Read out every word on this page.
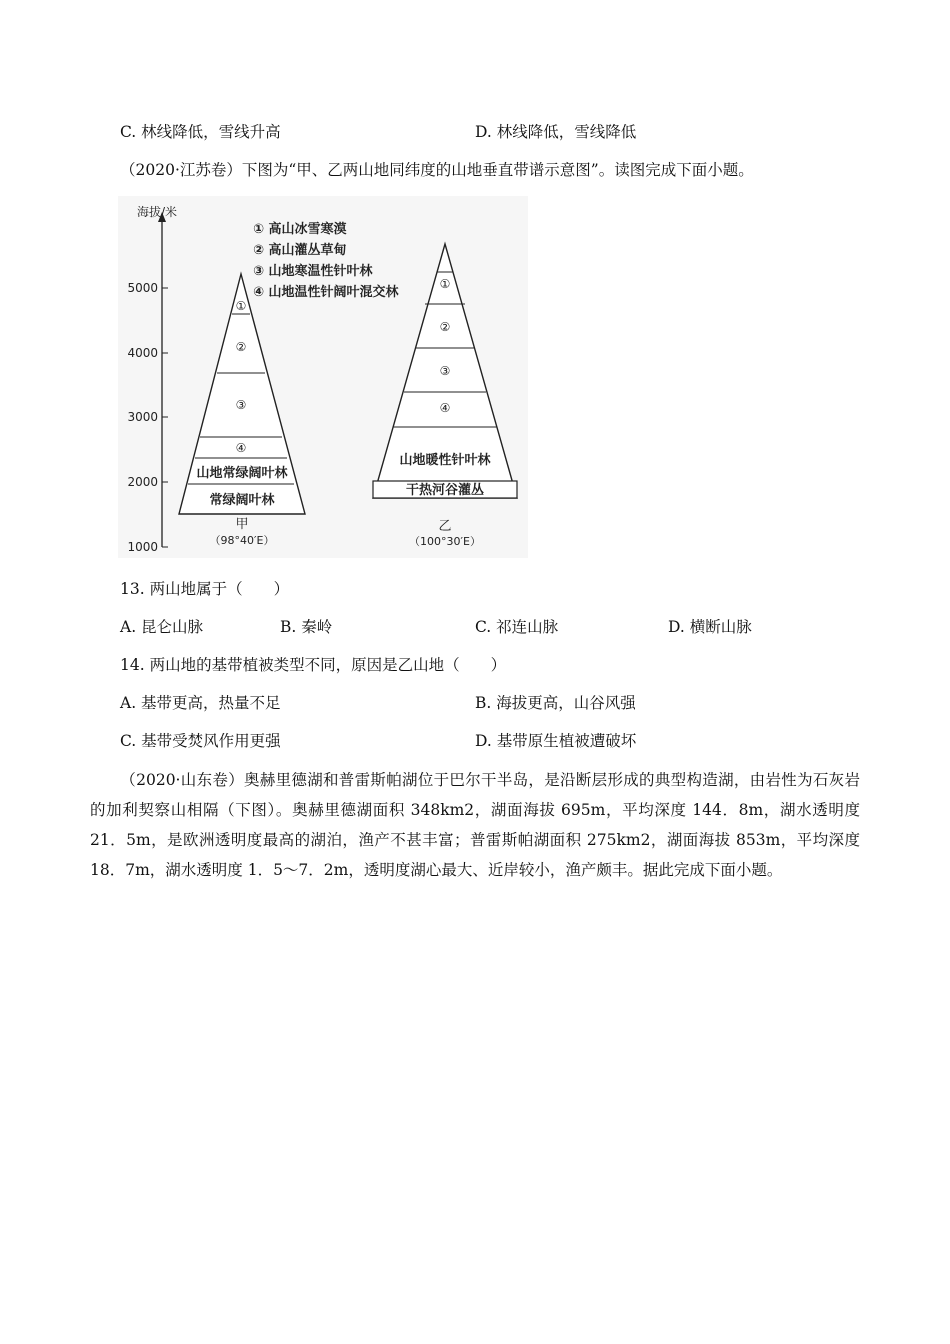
C. 林线降低，雪线升高	D. 林线降低，雪线降低
（2020·江苏卷）下图为“甲、乙两山地同纬度的山地垂直带谱示意图”。读图完成下面小题。
海拔/米
5000
4000
3000
2000
1000
① 高山冰雪寒漠
② 高山灌丛草甸
③ 山地寒温性针叶林
④ 山地温性针阔叶混交林
①
②
③
④
山地常绿阔叶林
常绿阔叶林
甲
（98°40′E）
①
②
③
④
山地暖性针叶林
干热河谷灌丛
乙
（100°30′E）
13. 两山地属于（　　）
A. 昆仑山脉	B. 秦岭	C. 祁连山脉	D. 横断山脉
14. 两山地的基带植被类型不同，原因是乙山地（　　）
A. 基带更高，热量不足	B. 海拔更高，山谷风强
C. 基带受焚风作用更强	D. 基带原生植被遭破坏
（2020·山东卷）奥赫里德湖和普雷斯帕湖位于巴尔干半岛，是沿断层形成的典型构造湖，由岩性为石灰岩的加利契察山相隔（下图）。奥赫里德湖面积 348km2，湖面海拔 695m，平均深度 144．8m，湖水透明度 21．5m，是欧洲透明度最高的湖泊，渔产不甚丰富；普雷斯帕湖面积 275km2，湖面海拔 853m，平均深度 18．7m，湖水透明度 1．5～7．2m，透明度湖心最大、近岸较小，渔产颇丰。据此完成下面小题。
